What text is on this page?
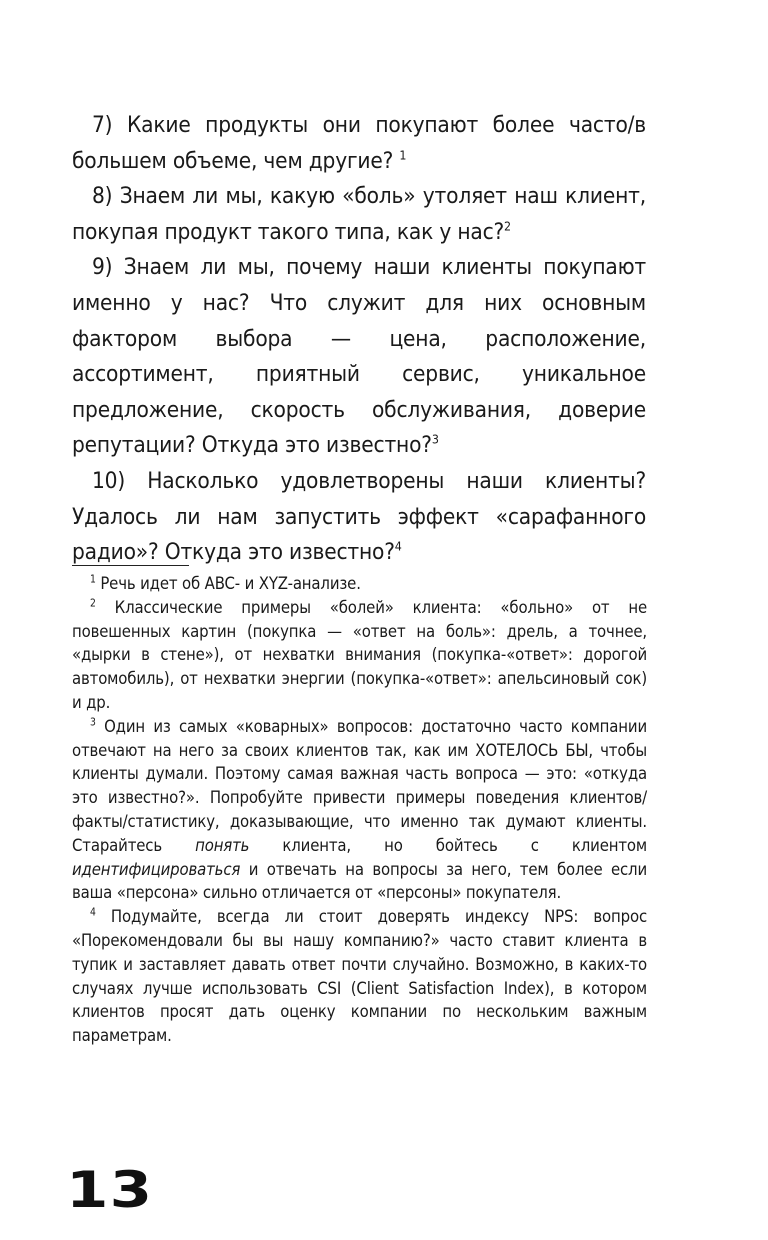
7) Какие продукты они покупают более часто/в большем объеме, чем другие? $^1$

8) Знаем ли мы, какую «боль» утоляет наш клиент, покупая продукт такого типа, как у нас?$^2$

9) Знаем ли мы, почему наши клиенты покупают именно у нас? Что служит для них основным фактором выбора — цена, расположение, ассортимент, приятный сервис, уникальное предложение, скорость обслуживания, доверие репутации? Откуда это известно?$^3$

10) Насколько удовлетворены наши клиенты? Удалось ли нам запустить эффект «сарафанного радио»? Откуда это известно?$^4$

$^1$ Речь идет об ABC- и XYZ-анализе.

$^2$ Классические примеры «болей» клиента: «больно» от не повешенных картин (покупка — «ответ на боль»: дрель, а точнее, «дырки в стене»), от нехватки внимания (покупка-«ответ»: дорогой автомобиль), от нехватки энергии (покупка-«ответ»: апельсиновый сок) и др.

$^3$ Один из самых «коварных» вопросов: достаточно часто компании отвечают на него за своих клиентов так, как им ХОТЕЛОСЬ БЫ, чтобы клиенты думали. Поэтому самая важная часть вопроса — это: «откуда это известно?». Попробуйте привести примеры поведения клиентов/факты/статистику, доказывающие, что именно так думают клиенты. Старайтесь понять клиента, но бойтесь с клиентом идентифицироваться и отвечать на вопросы за него, тем более если ваша «персона» сильно отличается от «персоны» покупателя.

$^4$ Подумайте, всегда ли стоит доверять индексу NPS: вопрос «Порекомендовали бы вы нашу компанию?» часто ставит клиента в тупик и заставляет давать ответ почти случайно. Возможно, в каких-то случаях лучше использовать CSI (Client Satisfaction Index), в котором клиентов просят дать оценку компании по нескольким важным параметрам.

13
